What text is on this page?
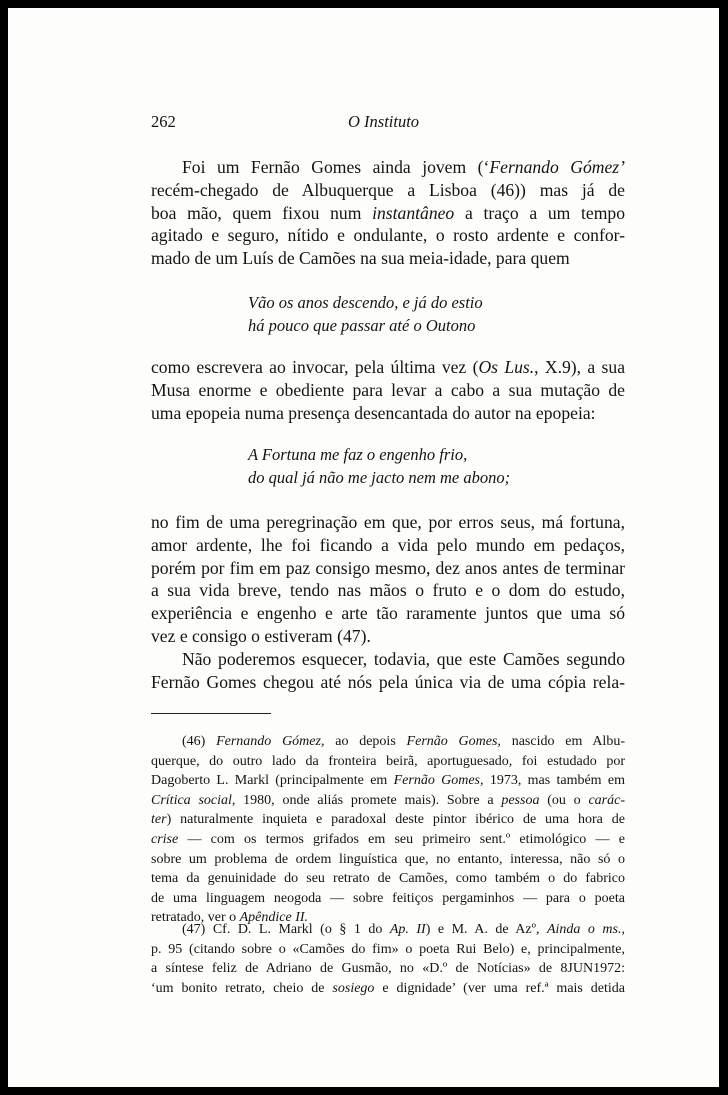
262	O Instituto
Foi um Fernão Gomes ainda jovem (‘Fernando Gómez’
recém-chegado de Albuquerque a Lisboa (46)) mas já de
boa mão, quem fixou num instantâneo a traço a um tempo
agitado e seguro, nítido e ondulante, o rosto ardente e confor-
mado de um Luís de Camões na sua meia-idade, para quem
Vão os anos descendo, e já do estio
há pouco que passar até o Outono
como escrevera ao invocar, pela última vez (Os Lus., X.9), a sua
Musa enorme e obediente para levar a cabo a sua mutação de
uma epopeia numa presença desencantada do autor na epopeia:
A Fortuna me faz o engenho frio,
do qual já não me jacto nem me abono;
no fim de uma peregrinação em que, por erros seus, má fortuna,
amor ardente, lhe foi ficando a vida pelo mundo em pedaços,
porém por fim em paz consigo mesmo, dez anos antes de terminar
a sua vida breve, tendo nas mãos o fruto e o dom do estudo,
experiência e engenho e arte tão raramente juntos que uma só
vez e consigo o estiveram (47).
Não poderemos esquecer, todavia, que este Camões segundo
Fernão Gomes chegou até nós pela única via de uma cópia rela-
(46) Fernando Gómez, ao depois Fernão Gomes, nascido em Albu-
querque, do outro lado da fronteira beirã, aportuguesado, foi estudado por
Dagoberto L. Markl (principalmente em Fernão Gomes, 1973, mas também em
Crítica social, 1980, onde aliás promete mais). Sobre a pessoa (ou o carác-
ter) naturalmente inquieta e paradoxal deste pintor ibérico de uma hora de
crise — com os termos grifados em seu primeiro sent.º etimológico — e
sobre um problema de ordem linguística que, no entanto, interessa, não só o
tema da genuinidade do seu retrato de Camões, como também o do fabrico
de uma linguagem neogoda — sobre feitiços pergaminhos — para o poeta
retratado, ver o Apêndice II.
(47) Cf. D. L. Markl (o § 1 do Ap. II) e M. A. de Azº, Ainda o ms.,
p. 95 (citando sobre o «Camões do fim» o poeta Rui Belo) e, principalmente,
a síntese feliz de Adriano de Gusmão, no «D.º de Notícias» de 8JUN1972:
‘um bonito retrato, cheio de sosiego e dignidade’ (ver uma ref.ª mais detida
